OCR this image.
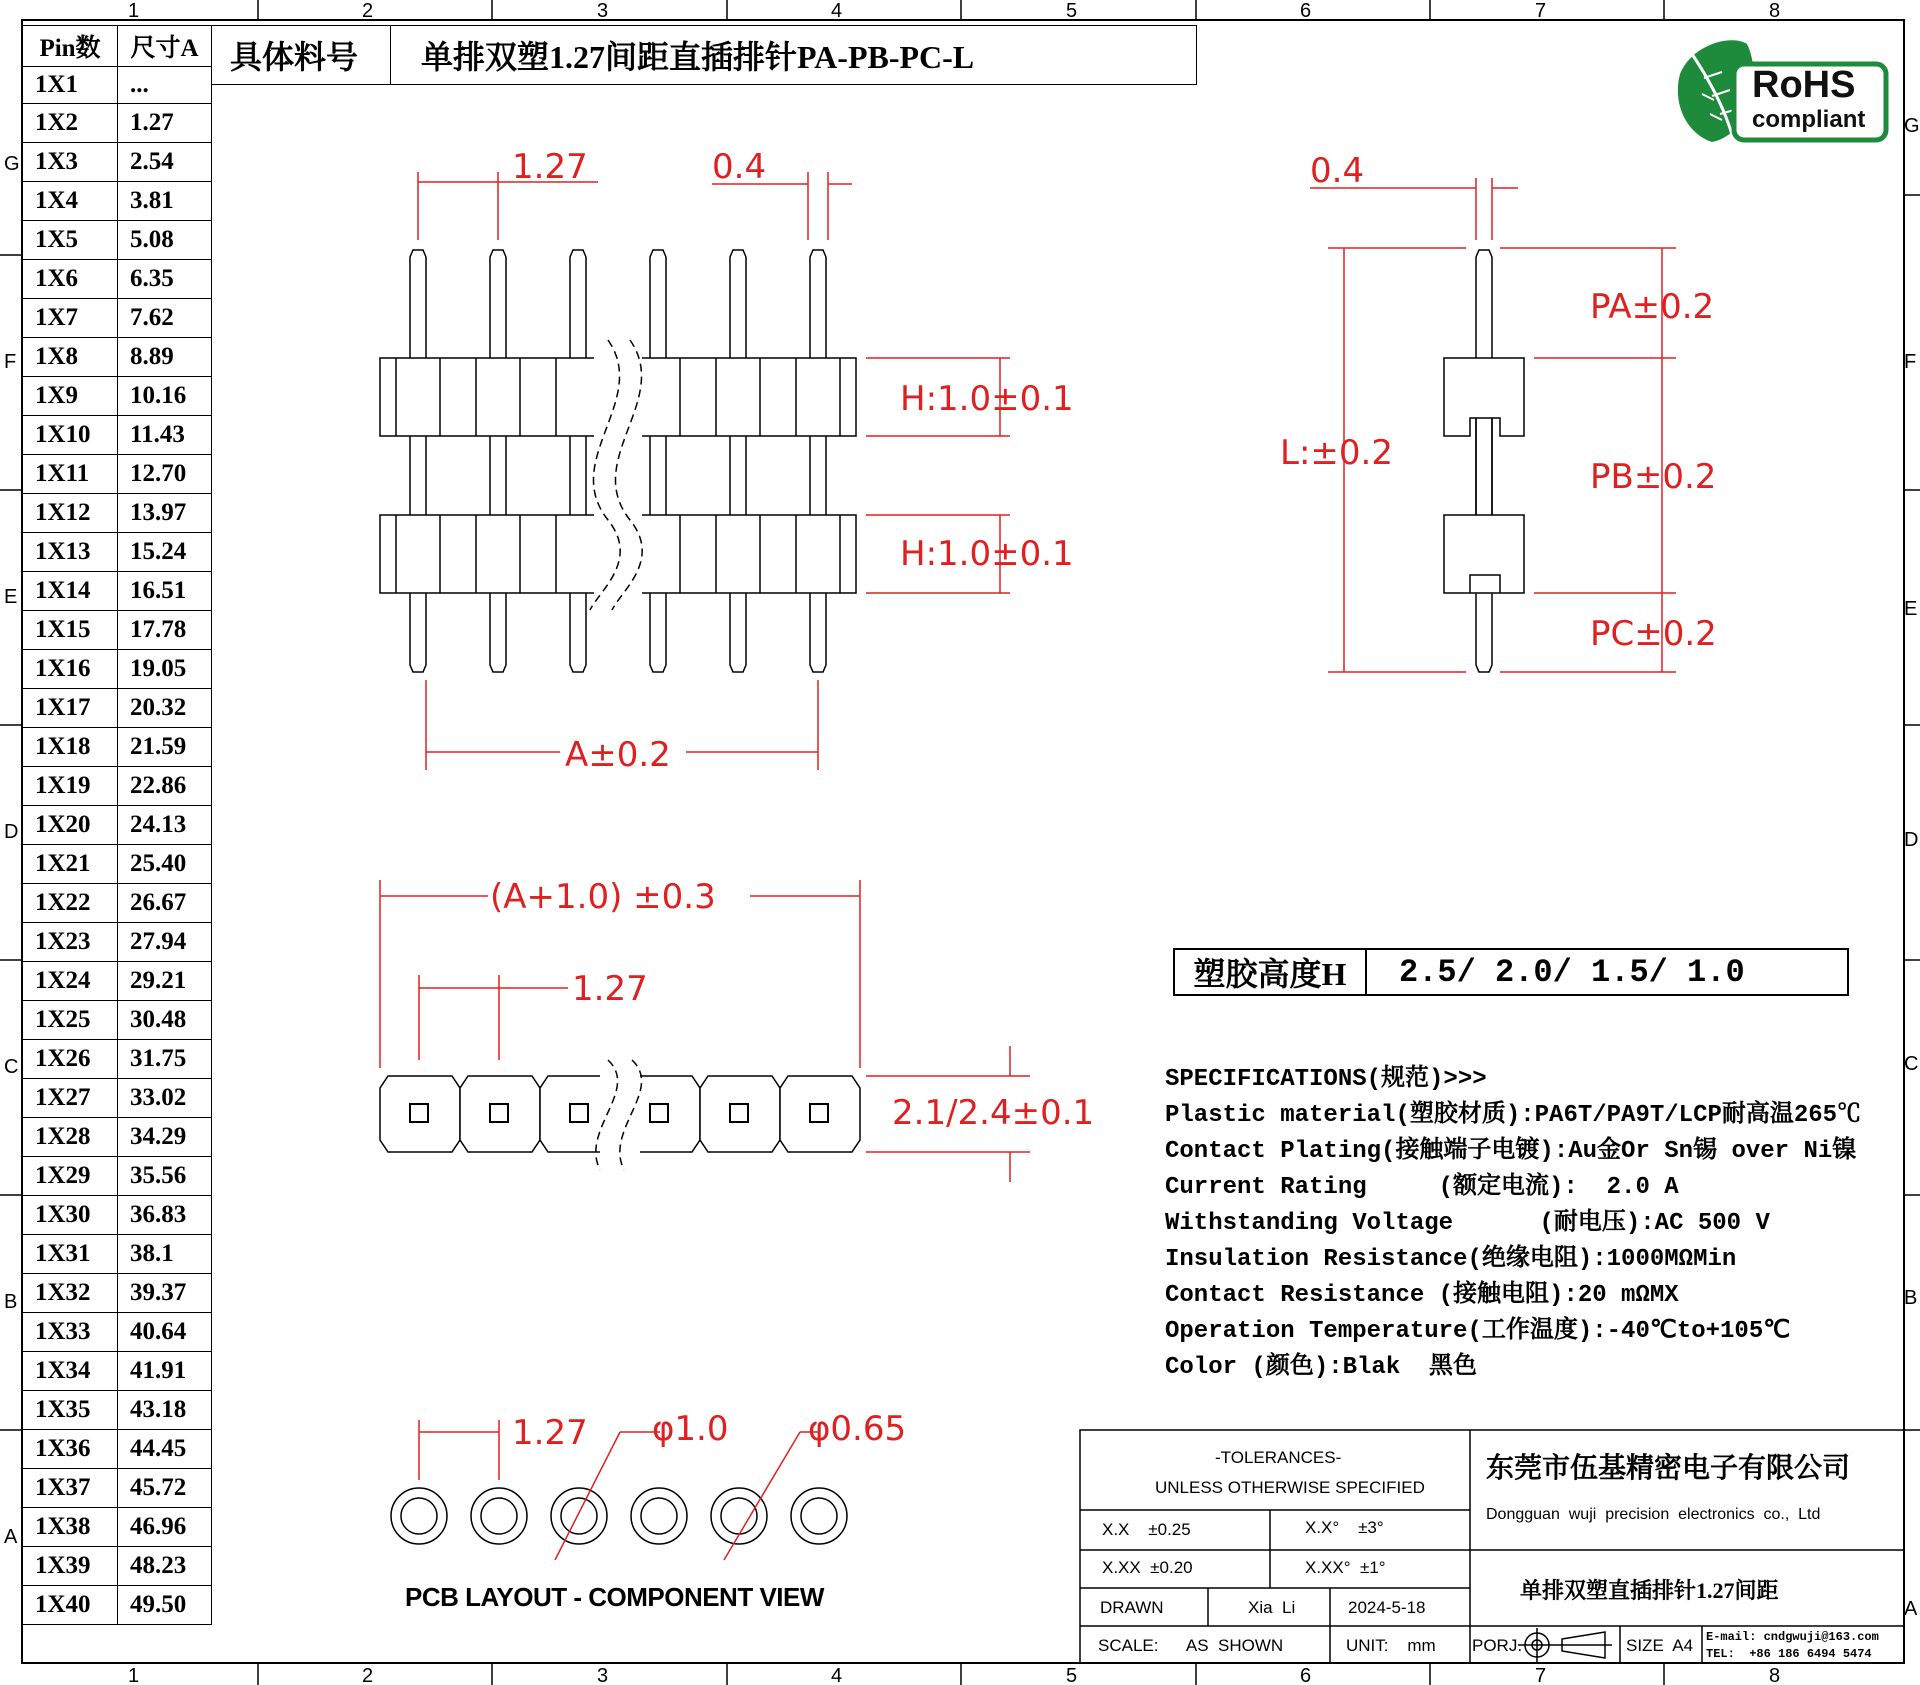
1	2	3	4	5	6	7	8
1	2	3	4	5	6	7	8
G
F
E
D
C
B
A
G
F
E
D
C
B
A
1.27	0.4
H:1.0±0.1
H:1.0±0.1
A±0.2
0.4
PA±0.2
PB±0.2
PC±0.2
L:±0.2
(A+1.0) ±0.3
1.27
2.1/2.4±0.1
1.27 φ1.0 φ0.65
Pin数	尺寸A
1X1	...
1X2	1.27
1X3	2.54
1X4	3.81
1X5	5.08
1X6	6.35
1X7	7.62
1X8	8.89
1X9	10.16
1X10	11.43
1X11	12.70
1X12	13.97
1X13	15.24
1X14	16.51
1X15	17.78
1X16	19.05
1X17	20.32
1X18	21.59
1X19	22.86
1X20	24.13
1X21	25.40
1X22	26.67
1X23	27.94
1X24	29.21
1X25	30.48
1X26	31.75
1X27	33.02
1X28	34.29
1X29	35.56
1X30	36.83
1X31	38.1
1X32	39.37
1X33	40.64
1X34	41.91
1X35	43.18
1X36	44.45
1X37	45.72
1X38	46.96
1X39	48.23
1X40	49.50
具体料号	单排双塑1.27间距直插排针PA-PB-PC-L
RoHS
compliant
塑胶高度H	2.5/ 2.0/ 1.5/ 1.0
SPECIFICATIONS(规范)>>>
Plastic material(塑胶材质):PA6T/PA9T/LCP耐高温265℃
Contact Plating(接触端子电镀):Au金Or Sn锡 over Ni镍
Current Rating     (额定电流):  2.0 A
Withstanding Voltage      (耐电压):AC 500 V
Insulation Resistance(绝缘电阻):1000MΩMin
Contact Resistance (接触电阻):20 mΩMX
Operation Temperature(工作温度):-40℃to+105℃
Color (颜色):Blak  黑色
PCB LAYOUT - COMPONENT VIEW
-TOLERANCES-
UNLESS OTHERWISE SPECIFIED
X.X    ±0.25	X.X°    ±3°
X.XX  ±0.20	X.XX°  ±1°
DRAWN	Xia  Li	2024-5-18
SCALE:      AS  SHOWN	UNIT:    mm PORJ.	SIZE  A4
东莞市伍基精密电子有限公司
Dongguan  wuji  precision  electronics  co.,  Ltd
单排双塑直插排针1.27间距
E-mail: cndgwuji@163.com
TEL:  +86 186 6494 5474
